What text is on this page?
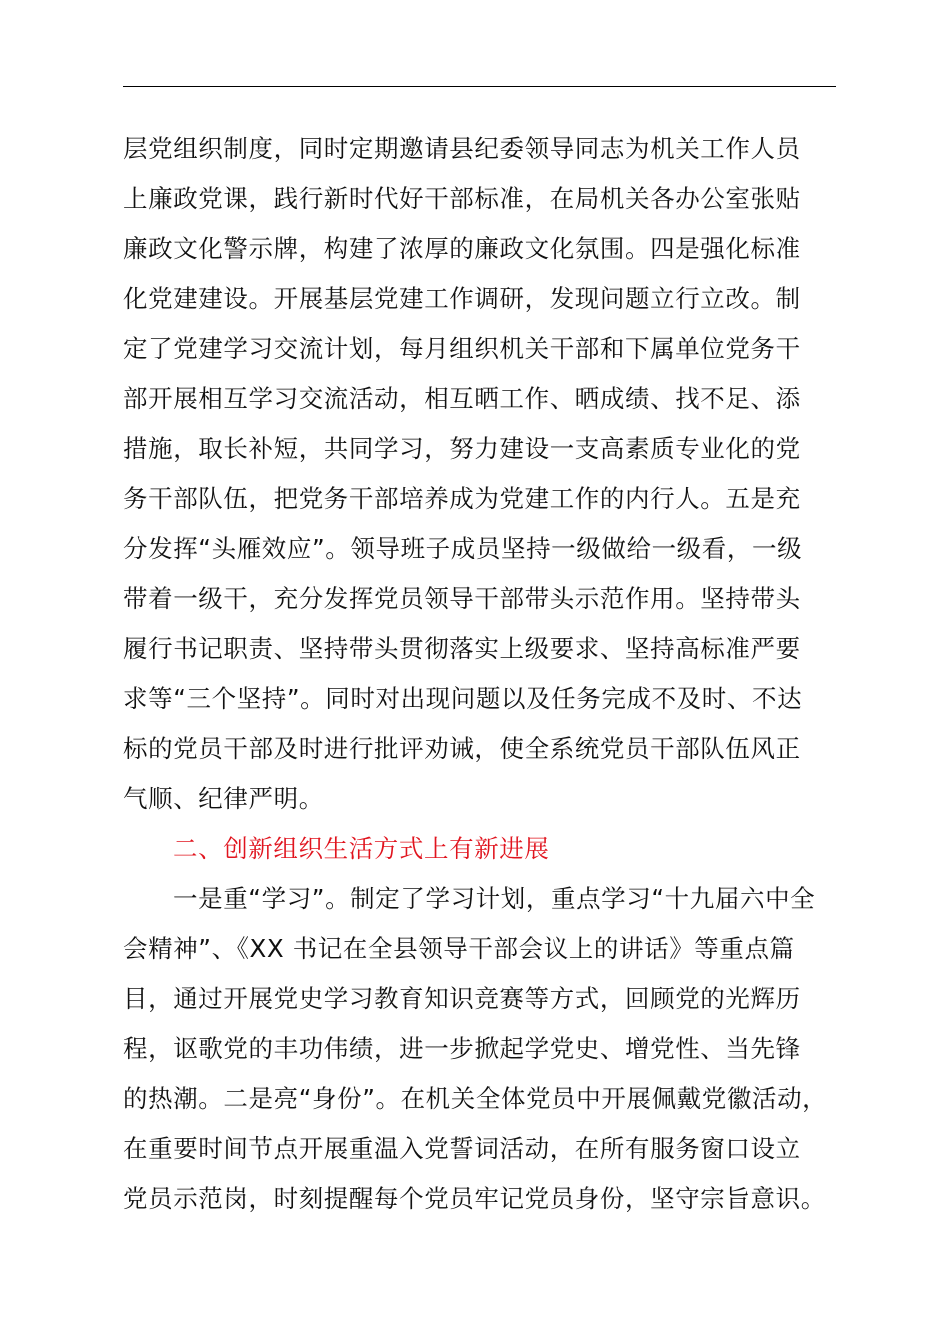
层党组织制度，同时定期邀请县纪委领导同志为机关工作人员
上廉政党课，践行新时代好干部标准，在局机关各办公室张贴
廉政文化警示牌，构建了浓厚的廉政文化氛围。四是强化标准
化党建建设。开展基层党建工作调研，发现问题立行立改。制
定了党建学习交流计划，每月组织机关干部和下属单位党务干
部开展相互学习交流活动，相互晒工作、晒成绩、找不足、添
措施，取长补短，共同学习，努力建设一支高素质专业化的党
务干部队伍，把党务干部培养成为党建工作的内行人。五是充
分发挥“头雁效应”。领导班子成员坚持一级做给一级看，一级
带着一级干，充分发挥党员领导干部带头示范作用。坚持带头
履行书记职责、坚持带头贯彻落实上级要求、坚持高标准严要
求等“三个坚持”。同时对出现问题以及任务完成不及时、不达
标的党员干部及时进行批评劝诫，使全系统党员干部队伍风正
气顺、纪律严明。
二、创新组织生活方式上有新进展
一是重“学习”。制定了学习计划，重点学习“十九届六中全
会精神”、《XX 书记在全县领导干部会议上的讲话》等重点篇
目，通过开展党史学习教育知识竞赛等方式，回顾党的光辉历
程，讴歌党的丰功伟绩，进一步掀起学党史、增党性、当先锋
的热潮。二是亮“身份”。在机关全体党员中开展佩戴党徽活动，
在重要时间节点开展重温入党誓词活动，在所有服务窗口设立
党员示范岗，时刻提醒每个党员牢记党员身份，坚守宗旨意识。
